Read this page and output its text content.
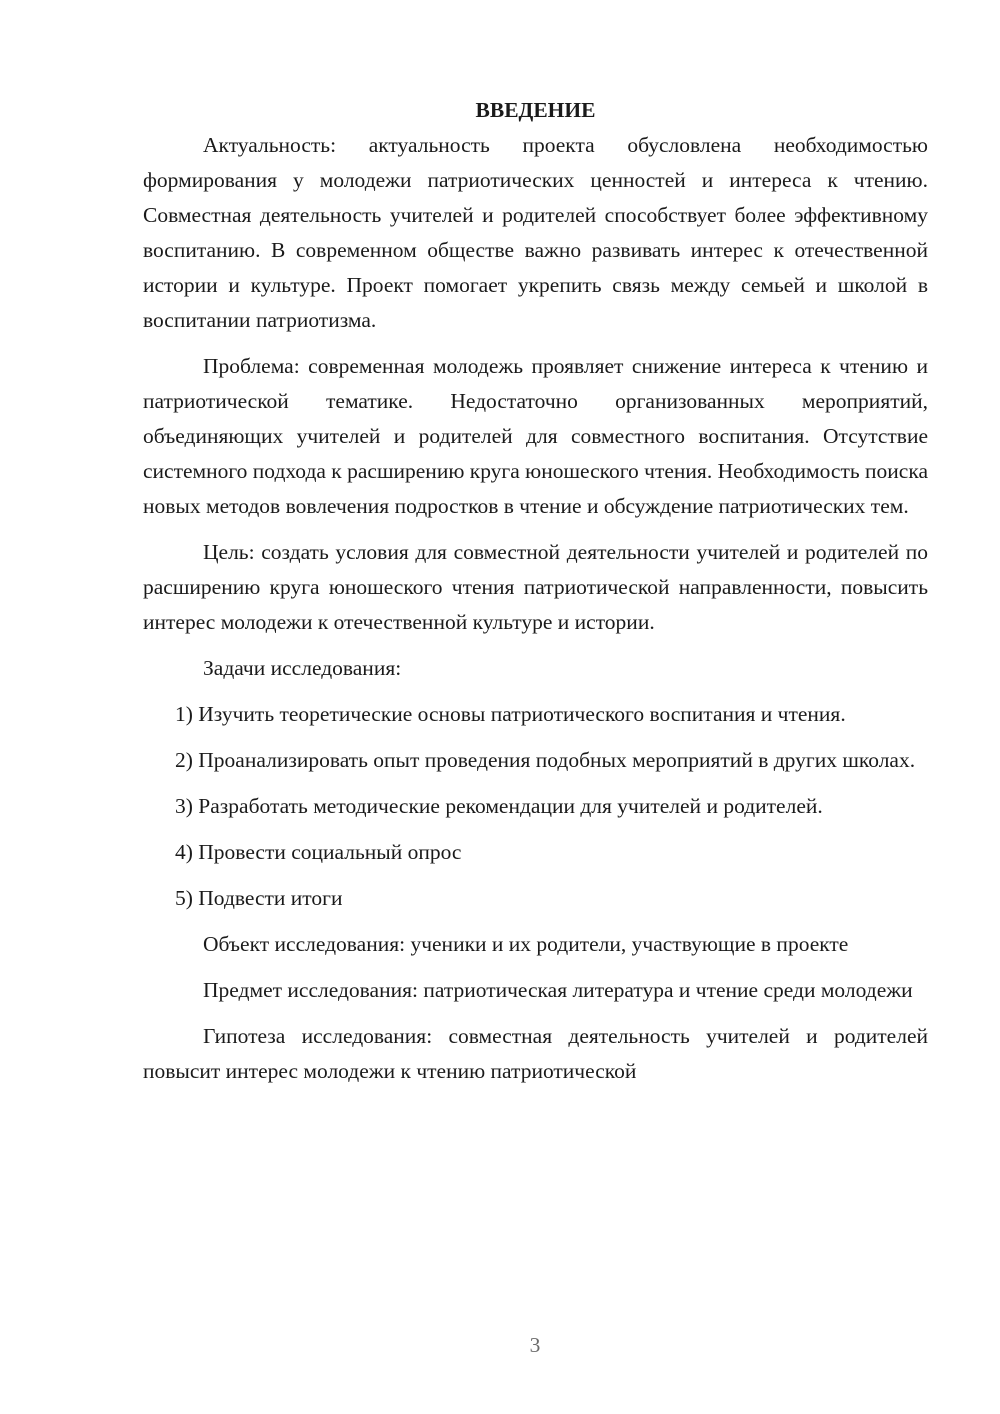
ВВЕДЕНИЕ

Актуальность: актуальность проекта обусловлена необходимостью формирования у молодежи патриотических ценностей и интереса к чтению. Совместная деятельность учителей и родителей способствует более эффективному воспитанию. В современном обществе важно развивать интерес к отечественной истории и культуре. Проект помогает укрепить связь между семьей и школой в воспитании патриотизма.

Проблема: современная молодежь проявляет снижение интереса к чтению и патриотической тематике. Недостаточно организованных мероприятий, объединяющих учителей и родителей для совместного воспитания. Отсутствие системного подхода к расширению круга юношеского чтения. Необходимость поиска новых методов вовлечения подростков в чтение и обсуждение патриотических тем.

Цель: создать условия для совместной деятельности учителей и родителей по расширению круга юношеского чтения патриотической направленности, повысить интерес молодежи к отечественной культуре и истории.

Задачи исследования:

1) Изучить теоретические основы патриотического воспитания и чтения.

2) Проанализировать опыт проведения подобных мероприятий в других школах.

3) Разработать методические рекомендации для учителей и родителей.

4) Провести социальный опрос

5) Подвести итоги

Объект исследования: ученики и их родители, участвующие в проекте

Предмет исследования: патриотическая литература и чтение среди молодежи

Гипотеза исследования: совместная деятельность учителей и родителей повысит интерес молодежи к чтению патриотической

3
